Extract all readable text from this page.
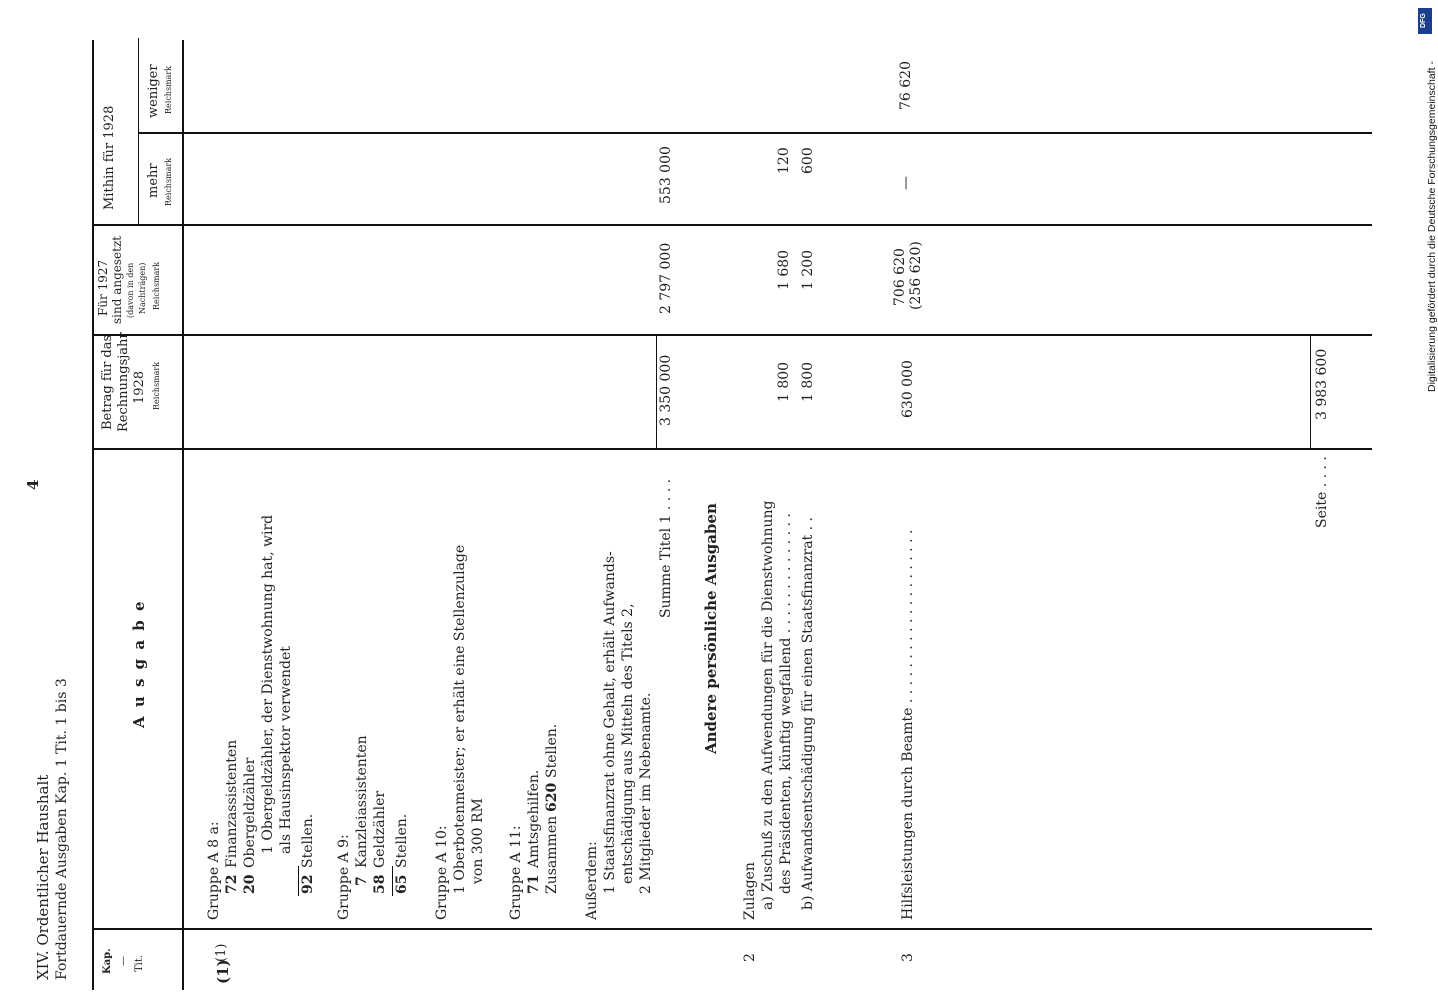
XIV. Ordentlicher Haushalt
4
Fortdauernde Ausgaben Kap. 1 Tit. 1 bis 3	Kap. — Tit.
A u s g a b e
Betrag für das Rechnungsjahr 1928 Reichsmark
Für 1927 sind angesetzt (davon in den Nachträgen) Reichsmark
Mithin für 1928 mehr Reichsmark
weniger Reichsmark
(1)
(1)
Gruppe A 8 a: 72
Finanzassistenten
20
Obergeldzähler 1 Obergeldzähler, der Dienstwohnung hat, wird als Hausinspektor verwendet
92
Stellen. Gruppe A 9: 7
Kanzleiassistenten
58
Geldzähler
65
Stellen. Gruppe A 10: 1 Oberbotenmeister; er erhält eine Stellenzulage von 300 RM Gruppe A 11: 71
Amtsgehilfen. Zusammen
620
Stellen.
Außerdem: 1 Staatsfinanzrat ohne Gehalt, erhält Aufwands- entschädigung aus Mitteln des Titels 2, 2 Mitglieder im Nebenamte.
Summe Titel 1 . . . .
3 350 000
2 797 000
553 000
Andere persönliche Ausgaben
2
Zulagen a) Zuschuß zu den Aufwendungen für die Dienstwohnung des Präsidenten, künftig wegfallend . . . . . . . . . . . . . .
1 800
1 680
120
b) Aufwandsentschädigung für einen Staatsfinanzrat . .
1 800
1 200
600
3
Hilfsleistungen durch Beamte . . . . . . . . . . . . . . . . . . . .
630 000
706 620 (256 620)
—
76 620
Seite . . . .
3 983 600
DFG
Digitalisierung gefördert durch die Deutsche Forschungsgemeinschaft -
